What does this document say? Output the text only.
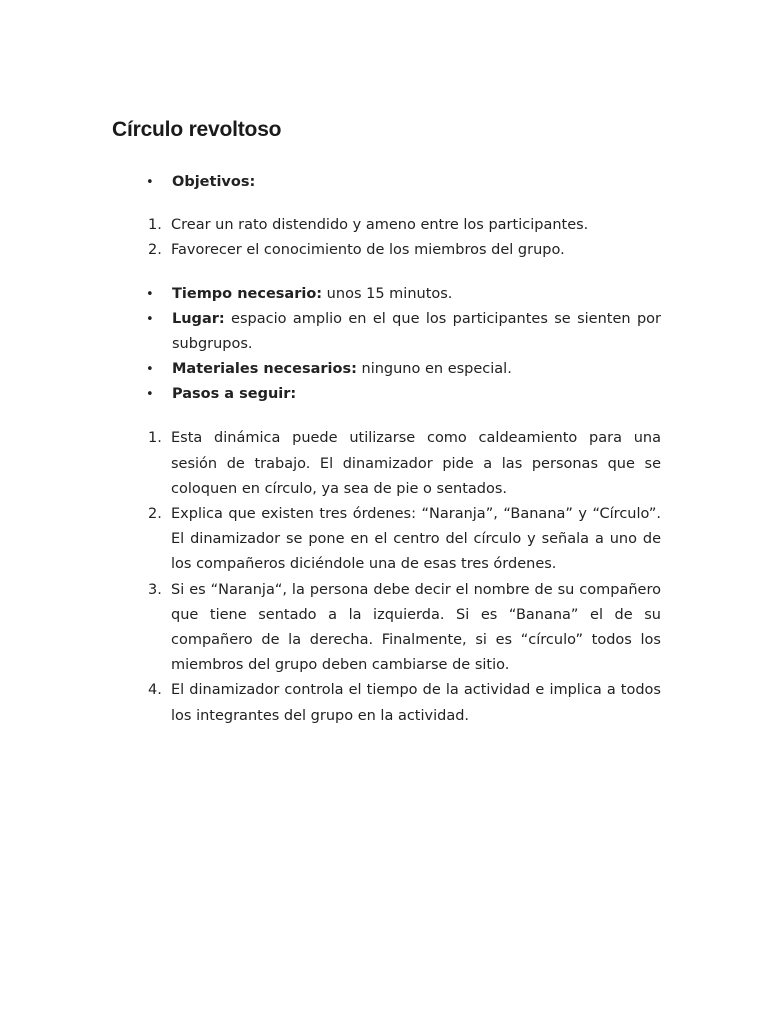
Círculo revoltoso
• Objetivos:
1. Crear un rato distendido y ameno entre los participantes.
2. Favorecer el conocimiento de los miembros del grupo.
• Tiempo necesario: unos 15 minutos.
• Lugar: espacio amplio en el que los participantes se sienten por subgrupos.
• Materiales necesarios: ninguno en especial.
• Pasos a seguir:
1. Esta dinámica puede utilizarse como caldeamiento para una sesión de trabajo. El dinamizador pide a las personas que se coloquen en círculo, ya sea de pie o sentados.
2. Explica que existen tres órdenes: “Naranja”, “Banana” y “Círculo”. El dinamizador se pone en el centro del círculo y señala a uno de los compañeros diciéndole una de esas tres órdenes.
3. Si es “Naranja“, la persona debe decir el nombre de su compañero que tiene sentado a la izquierda. Si es “Banana” el de su compañero de la derecha. Finalmente, si es “círculo” todos los miembros del grupo deben cambiarse de sitio.
4. El dinamizador controla el tiempo de la actividad e implica a todos los integrantes del grupo en la actividad.
